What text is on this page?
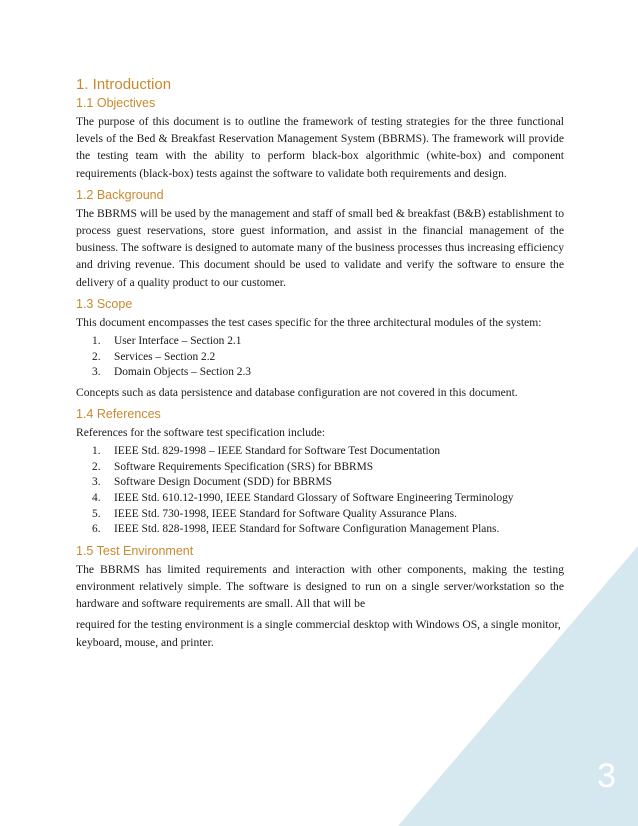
3
1. Introduction
1.1 Objectives

The purpose of this document is to outline the framework of testing strategies for the three functional levels of the Bed & Breakfast Reservation Management System (BBRMS). The framework will provide the testing team with the ability to perform black-box algorithmic (white-box) and component requirements (black-box) tests against the software to validate both requirements and design.

1.2 Background

The BBRMS will be used by the management and staff of small bed & breakfast (B&B) establishment to process guest reservations, store guest information, and assist in the financial management of the business. The software is designed to automate many of the business processes thus increasing efficiency and driving revenue. This document should be used to validate and verify the software to ensure the delivery of a quality product to our customer.

1.3 Scope

This document encompasses the test cases specific for the three architectural modules of the system:

1. User Interface – Section 2.1
2. Services – Section 2.2
3. Domain Objects – Section 2.3

Concepts such as data persistence and database configuration are not covered in this document.

1.4 References

References for the software test specification include:

1. IEEE Std. 829-1998 – IEEE Standard for Software Test Documentation
2. Software Requirements Specification (SRS) for BBRMS
3. Software Design Document (SDD) for BBRMS
4. IEEE Std. 610.12-1990, IEEE Standard Glossary of Software Engineering Terminology
5. IEEE Std. 730-1998, IEEE Standard for Software Quality Assurance Plans.
6. IEEE Std. 828-1998, IEEE Standard for Software Configuration Management Plans.
1.5 Test Environment

The BBRMS has limited requirements and interaction with other components, making the testing environment relatively simple. The software is designed to run on a single server/workstation so the hardware and software requirements are small. All that will be

required for the testing environment is a single commercial desktop with Windows OS, a single monitor, keyboard, mouse, and printer.
